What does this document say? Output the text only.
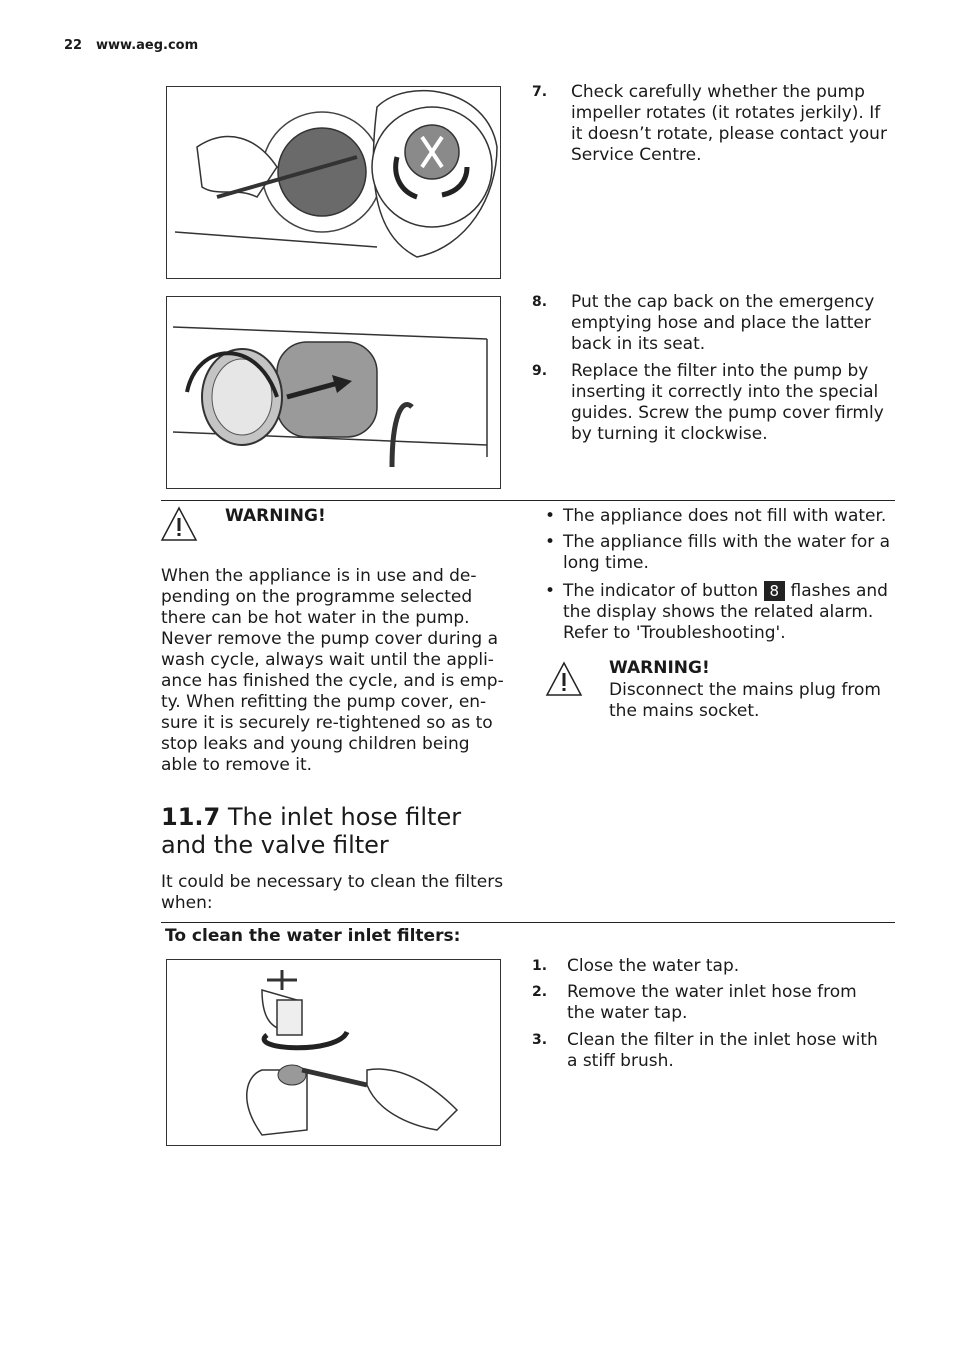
22 www.aeg.com
7. Check carefully whether the pump impeller rotates (it rotates jerkily). If it doesn’t rotate, please contact your Service Centre.
8. Put the cap back on the emergency emptying hose and place the latter back in its seat.
9. Replace the filter into the pump by inserting it correctly into the special guides. Screw the pump cover firmly by turning it clockwise.
WARNING!
When the appliance is in use and de-pending on the programme selected there can be hot water in the pump. Never remove the pump cover during a wash cycle, always wait until the appli-ance has finished the cycle, and is emp-ty. When refitting the pump cover, en-sure it is securely re-tightened so as to stop leaks and young children being able to remove it.
11.7 The inlet hose filter and the valve filter
It could be necessary to clean the filters when:
• The appliance does not fill with water.
• The appliance fills with the water for a long time.
• The indicator of button 8 flashes and the display shows the related alarm. Refer to 'Troubleshooting'.
WARNING!
Disconnect the mains plug from the mains socket.
To clean the water inlet filters:
1. Close the water tap.
2. Remove the water inlet hose from the water tap.
3. Clean the filter in the inlet hose with a stiff brush.
